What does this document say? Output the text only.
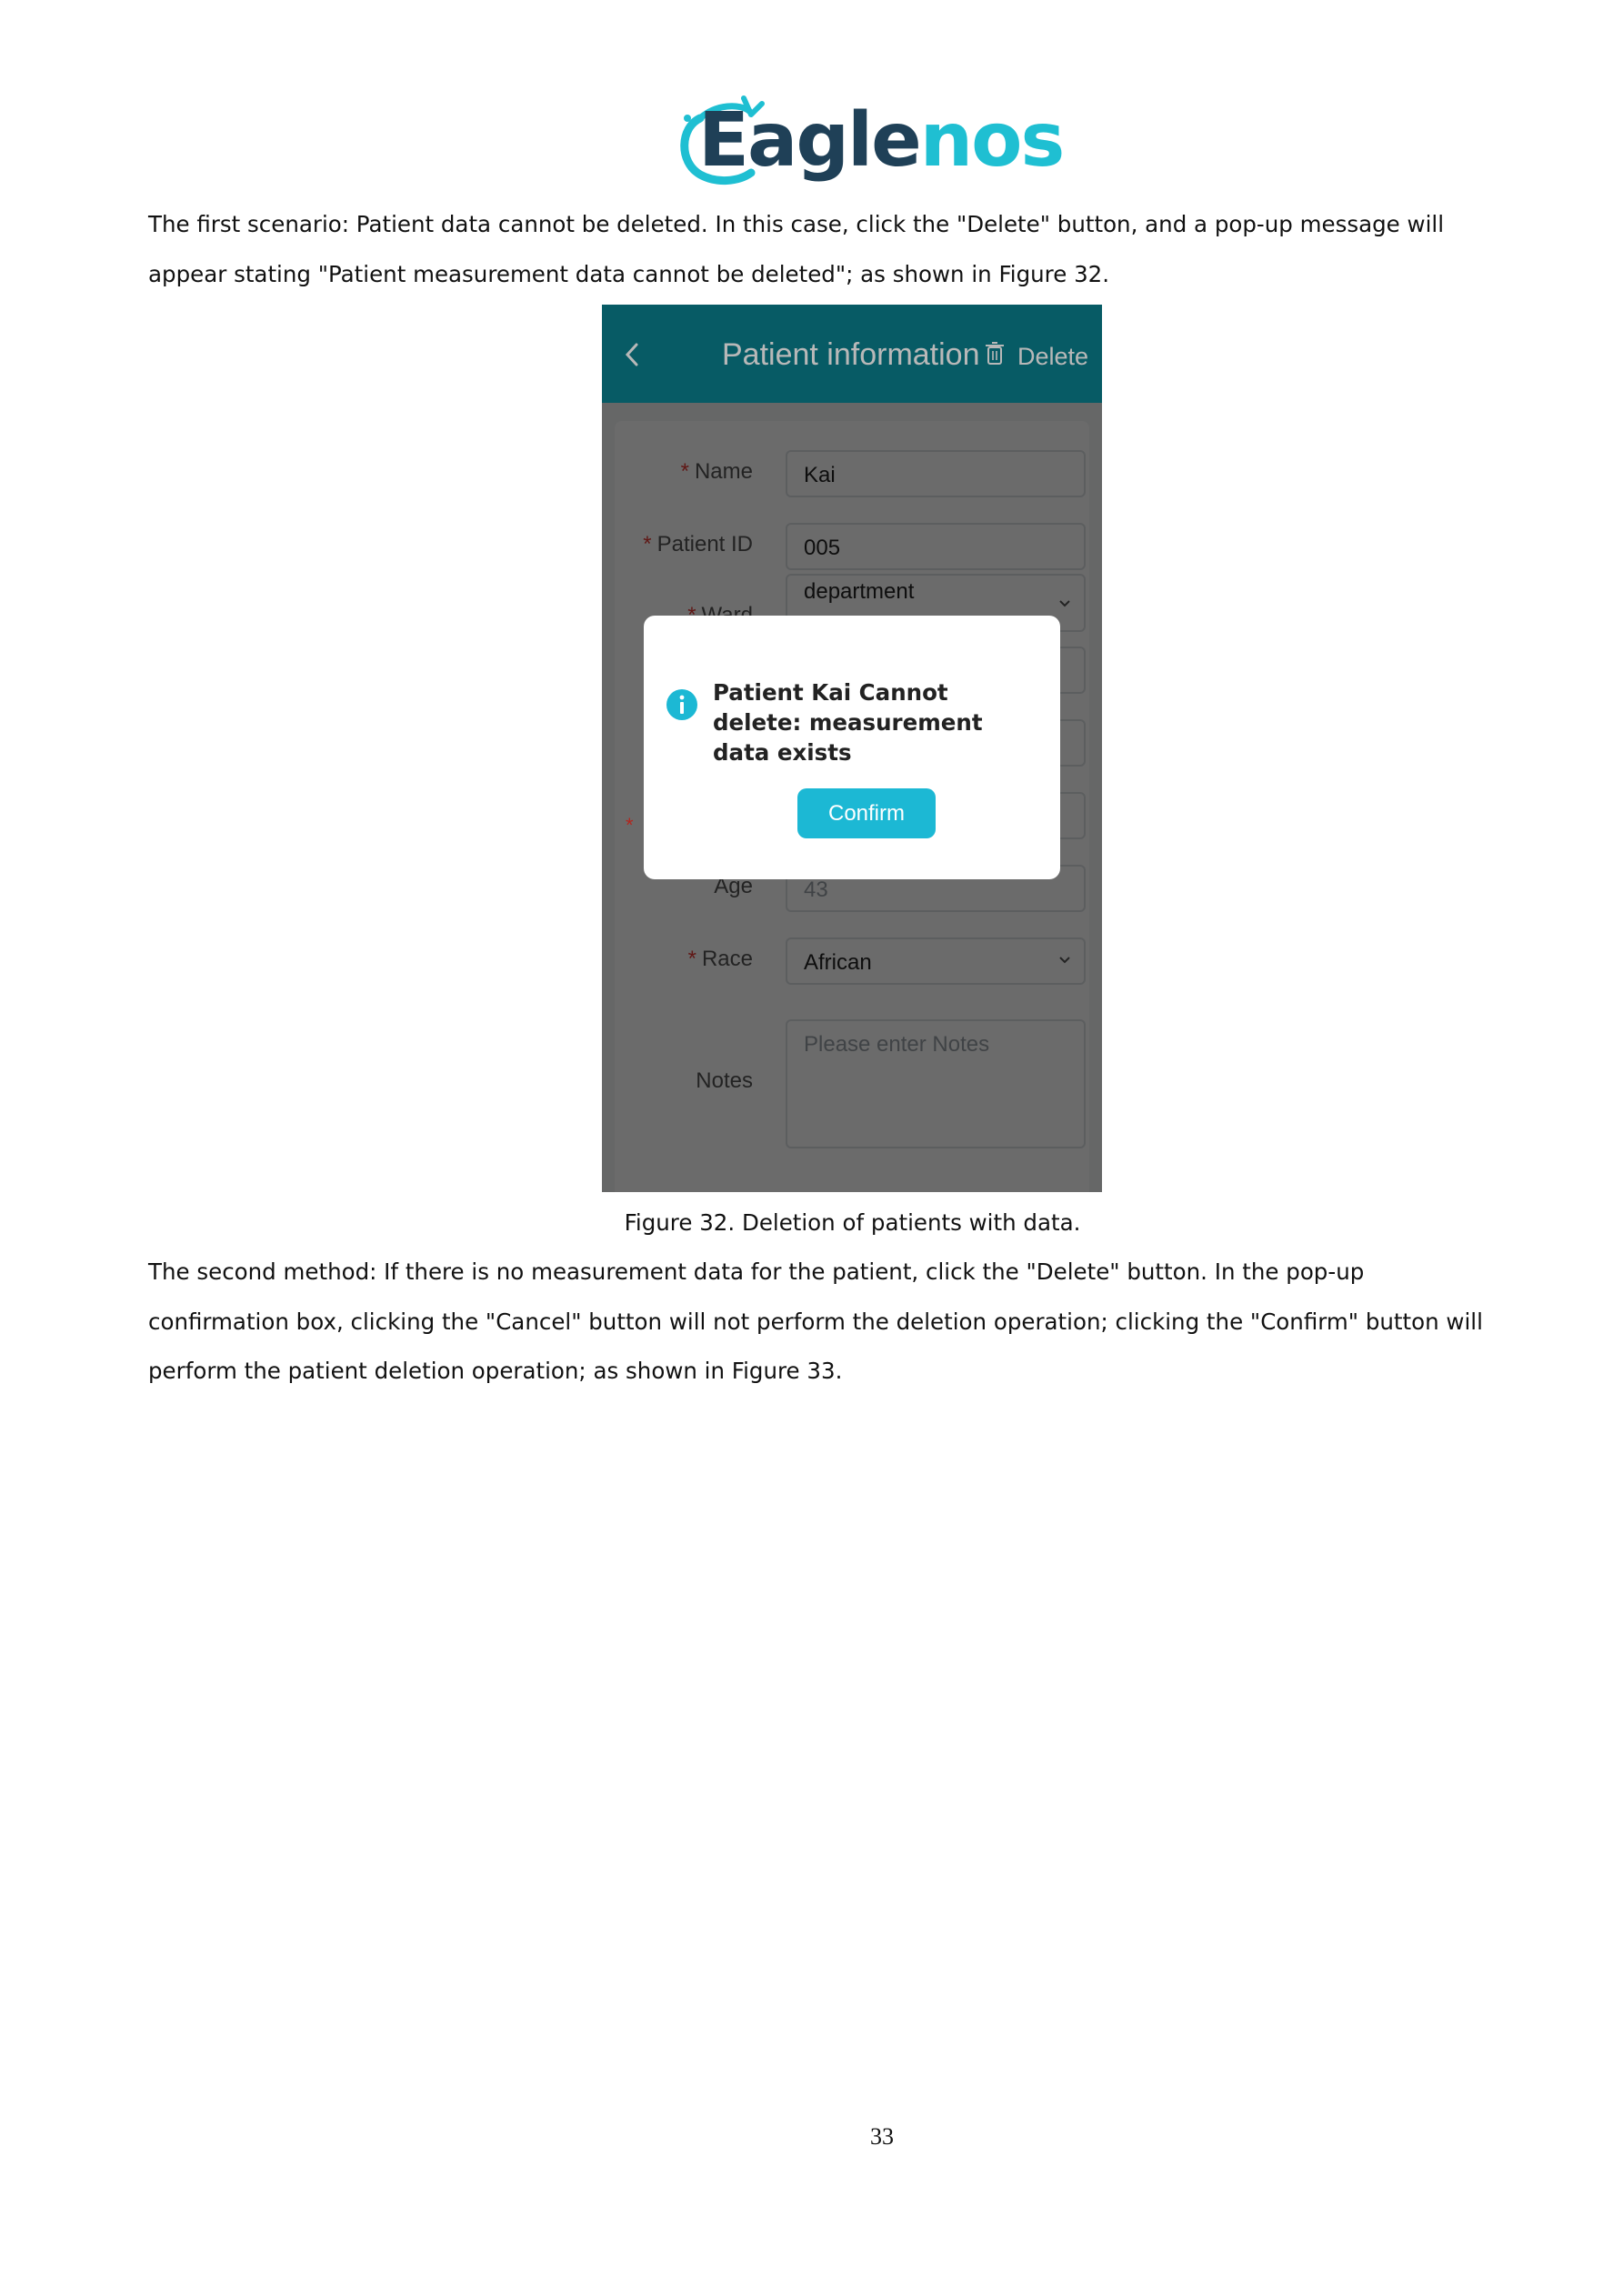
Eaglenos

The first scenario: Patient data cannot be deleted. In this case, click the "Delete" button, and a pop-up message will appear stating "Patient measurement data cannot be deleted"; as shown in Figure 32.

Patient information Delete
*
Patient Kai Cannot delete: measurement data exists
Confirm
Figure 32. Deletion of patients with data.

The second method: If there is no measurement data for the patient, click the "Delete" button. In the pop-up confirmation box, clicking the "Cancel" button will not perform the deletion operation; clicking the "Confirm" button will perform the patient deletion operation; as shown in Figure 33.

33
